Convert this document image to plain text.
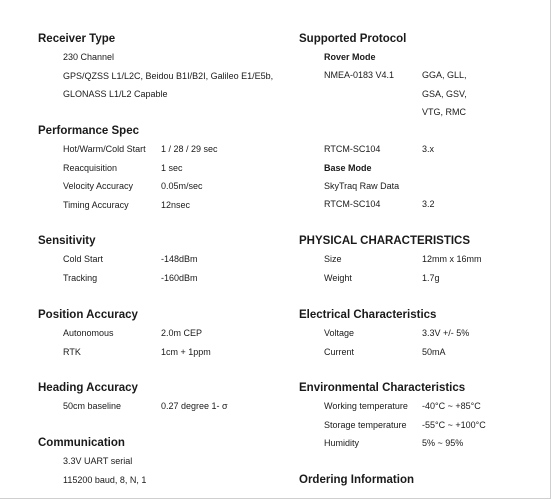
Receiver Type
230 Channel
GPS/QZSS L1/L2C, Beidou B1I/B2I, Galileo E1/E5b,
GLONASS L1/L2 Capable
Performance Spec
Hot/Warm/Cold Start 1 / 28 / 29 sec
Reacquisition	1 sec
Velocity Accuracy	0.05m/sec
Timing Accuracy	12nsec
Sensitivity
Cold Start	-148dBm
Tracking	-160dBm
Position Accuracy
Autonomous	2.0m CEP
RTK	1cm + 1ppm
Heading Accuracy
50cm baseline	0.27 degree 1- σ
Communication
3.3V UART serial
115200 baud, 8, N, 1
Supported Protocol
Rover Mode
NMEA-0183 V4.1	GGA, GLL,
GSA, GSV,
VTG, RMC
RTCM-SC104	3.x
Base Mode
SkyTraq Raw Data
RTCM-SC104	3.2
PHYSICAL CHARACTERISTICS
Size	12mm x 16mm
Weight	1.7g
Electrical Characteristics
Voltage	3.3V +/- 5%
Current	50mA
Environmental Characteristics
Working temperature -40°C ~ +85°C
Storage temperature -55°C ~ +100°C
Humidity	5% ~ 95%
Ordering Information
